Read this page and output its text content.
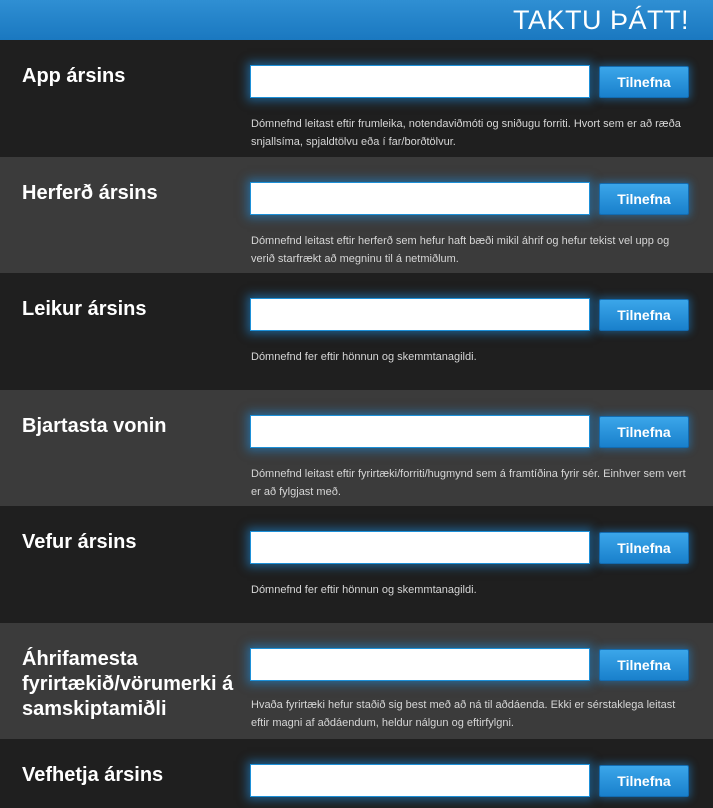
TAKTU ÞÁTT!
App ársins	Tilnefna
Dómnefnd leitast eftir frumleika, notendaviðmóti og sniðugu forriti. Hvort sem er að ræða snjallsíma, spjaldtölvu eða í far/borðtölvur.
Herferð ársins	Tilnefna
Dómnefnd leitast eftir herferð sem hefur haft bæði mikil áhrif og hefur tekist vel upp og verið starfrækt að megninu til á netmiðlum.
Leikur ársins	Tilnefna
Dómnefnd fer eftir hönnun og skemmtanagildi.
Bjartasta vonin	Tilnefna
Dómnefnd leitast eftir fyrirtæki/forriti/hugmynd sem á framtíðina fyrir sér. Einhver sem vert er að fylgjast með.
Vefur ársins	Tilnefna
Dómnefnd fer eftir hönnun og skemmtanagildi.
Áhrifamesta fyrirtækið/vörumerki á samskiptamiðli
Tilnefna
Hvaða fyrirtæki hefur staðið sig best með að ná til aðdáenda. Ekki er sérstaklega leitast eftir magni af aðdáendum, heldur nálgun og eftirfylgni.
Vefhetja ársins	Tilnefna
